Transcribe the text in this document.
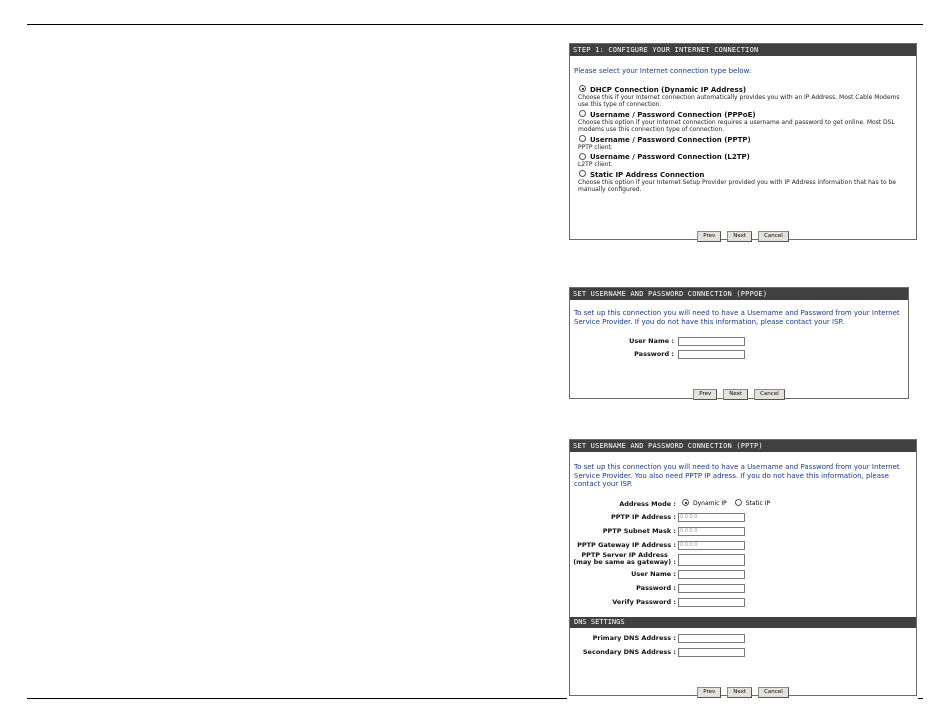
STEP 1: CONFIGURE YOUR INTERNET CONNECTION
Please select your Internet connection type below:
DHCP Connection (Dynamic IP Address)
Choose this if your Internet connection automatically provides you with an IP Address. Most Cable Modems use this type of connection.
Username / Password Connection (PPPoE)
Choose this option if your Internet connection requires a username and password to get online. Most DSL modems use this connection type of connection.
Username / Password Connection (PPTP)
PPTP client.
Username / Password Connection (L2TP)
L2TP client.
Static IP Address Connection
Choose this option if your Internet Setup Provider provided you with IP Address information that has to be manually configured.
Prev	Next	Cancel
SET USERNAME AND PASSWORD CONNECTION (PPPOE)
To set up this connection you will need to have a Username and Password from your Internet Service Provider. If you do not have this information, please contact your ISP.
User Name :
Password :
Prev	Next	Cancel
SET USERNAME AND PASSWORD CONNECTION (PPTP)
To set up this connection you will need to have a Username and Password from your Internet Service Provider. You also need PPTP IP adress. If you do not have this information, please contact your ISP.
Address Mode :	Dynamic IP	Static IP
PPTP IP Address : 0.0.0.0
PPTP Subnet Mask : 0.0.0.0
PPTP Gateway IP Address : 0.0.0.0
PPTP Server IP Address
(may be same as gateway) :
User Name :
Password :
Verify Password :
DNS SETTINGS
Primary DNS Address :
Secondary DNS Address :
Prev	Next	Cancel
